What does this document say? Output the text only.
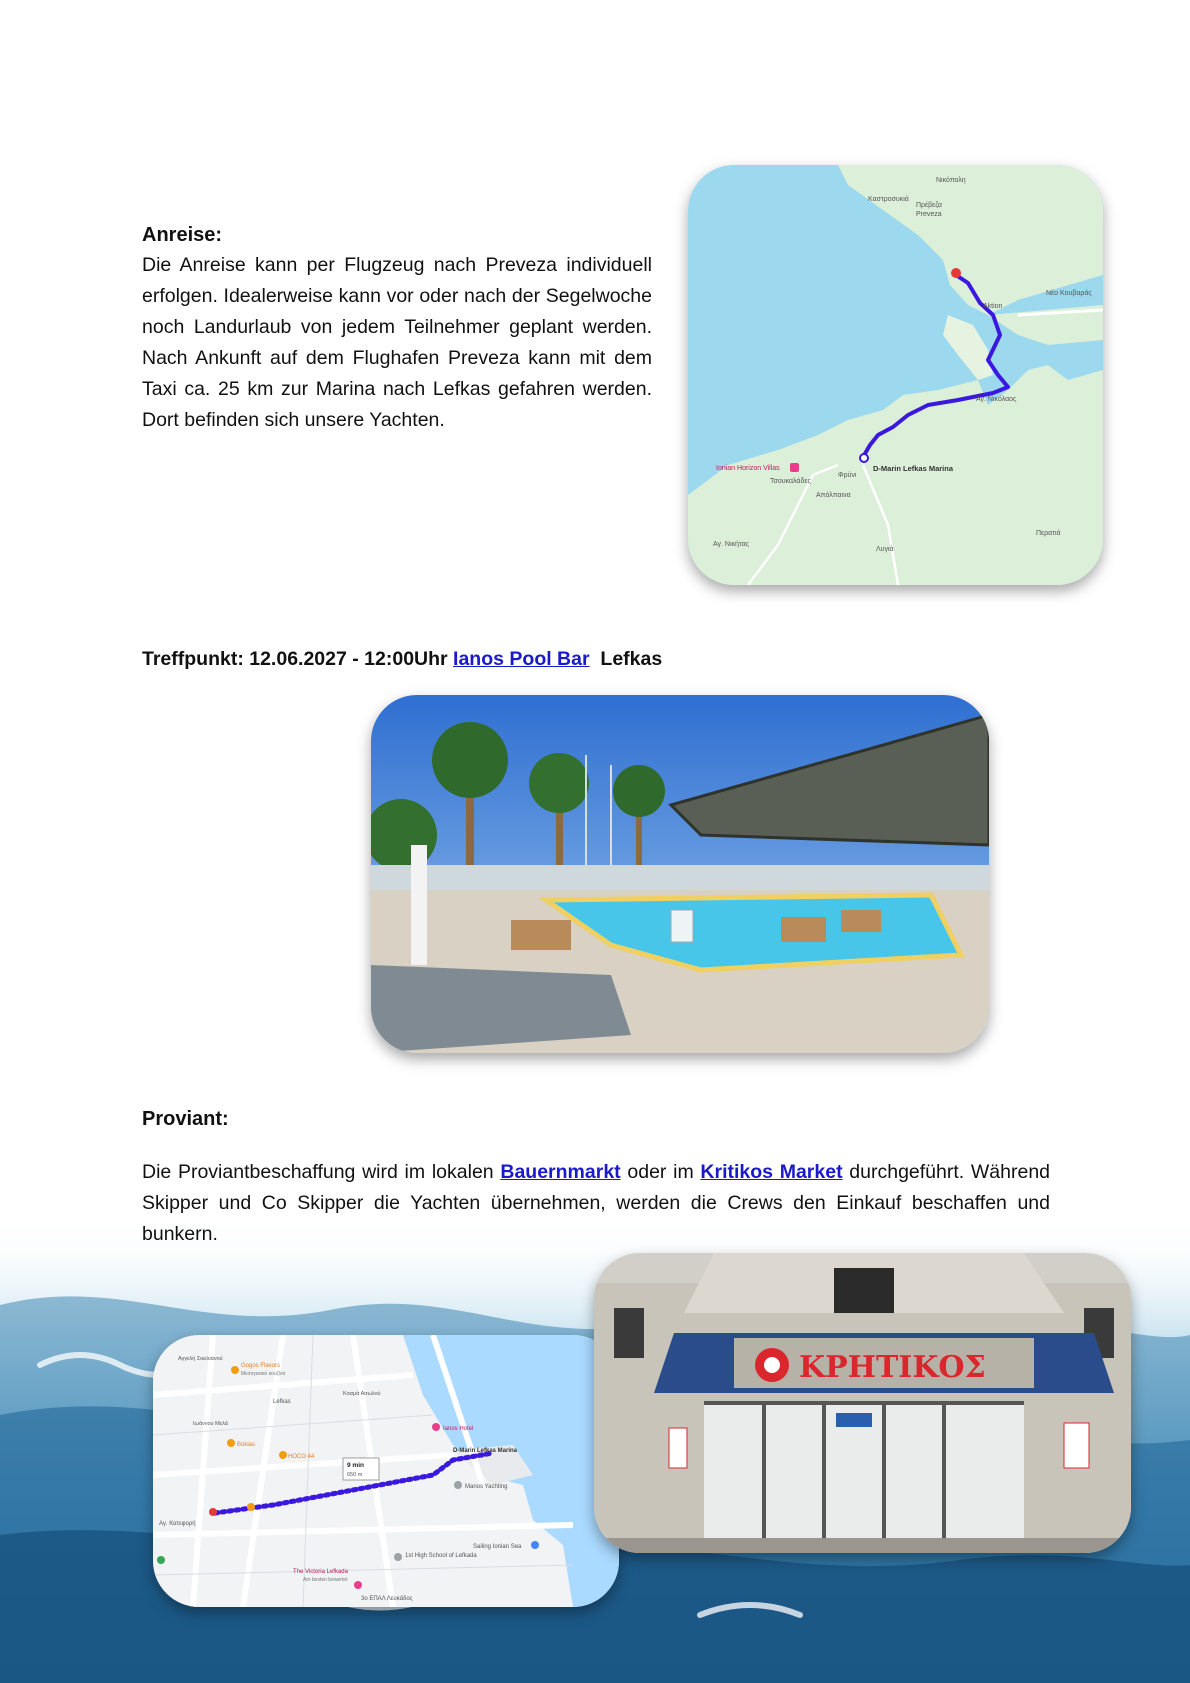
Anreise:
Die Anreise kann per Flugzeug nach Preveza individuell erfolgen. Idealerweise kann vor oder nach der Segelwoche noch Landurlaub von jedem Teilnehmer geplant werden. Nach Ankunft auf dem Flughafen Preveza kann mit dem Taxi ca. 25 km zur Marina nach Lefkas gefahren werden. Dort befinden sich unsere Yachten.
Νικόπολη
Πρέβεζα
Preveza
Καστροσυκιά
Aktion
Νέο Κουβαράς
Αγ. Νικόλαος
D-Marin Lefkas Marina
Ionian Horizon Villas
Τσουκαλάδες
Απόλπαινα
Φρύνι
Περατιά
Αγ. Νικήτας
Λυγιά
Treffpunkt: 12.06.2027 - 12:00Uhr Ianos Pool Bar Lefkas
Proviant:
Die Proviantbeschaffung wird im lokalen Bauernmarkt oder im Kritikos Market durchgeführt. Während Skipper und Co Skipper die Yachten übernehmen, werden die Crews den Einkauf beschaffen und bunkern.
9 min
650 m
Gogos Flavors
Μεσογειακό κουζίνα
HOCO 44
Bokias
Ianos Hotel
D-Marin Lefkas Marina
Manos Yachting
Sailing Ionian Sea
1st High School of Lefkada
The Victoria Lefkada
Am besten bewertet
3ο ΕΠΑΛ Λευκάδος
Lefkas
Αγ. Κατεφορή
Αγγελή Σικελιανού
Ιωάννου Μελά
Κοσμά Αιτωλού
ΚΡΗΤΙΚΟΣ
